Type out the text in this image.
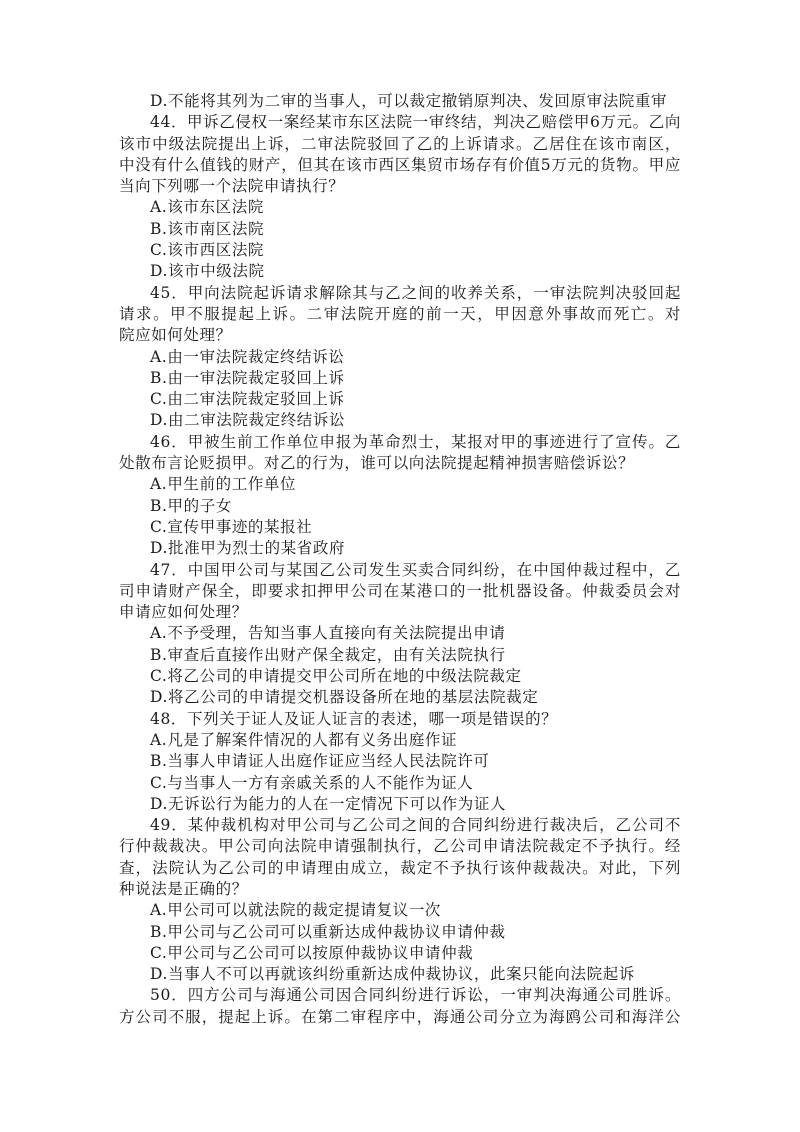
D.不能将其列为二审的当事人，可以裁定撤销原判决、发回原审法院重审
44．甲诉乙侵权一案经某市东区法院一审终结，判决乙赔偿甲6万元。乙向
该市中级法院提出上诉，二审法院驳回了乙的上诉请求。乙居住在该市南区，
中没有什么值钱的财产，但其在该市西区集贸市场存有价值5万元的货物。甲应
当向下列哪一个法院申请执行？
A.该市东区法院
B.该市南区法院
C.该市西区法院
D.该市中级法院
45．甲向法院起诉请求解除其与乙之间的收养关系，一审法院判决驳回起
请求。甲不服提起上诉。二审法院开庭的前一天，甲因意外事故而死亡。对
院应如何处理？
A.由一审法院裁定终结诉讼
B.由一审法院裁定驳回上诉
C.由二审法院裁定驳回上诉
D.由二审法院裁定终结诉讼
46．甲被生前工作单位申报为革命烈士，某报对甲的事迹进行了宣传。乙
处散布言论贬损甲。对乙的行为，谁可以向法院提起精神损害赔偿诉讼？
A.甲生前的工作单位
B.甲的子女
C.宣传甲事迹的某报社
D.批准甲为烈士的某省政府
47．中国甲公司与某国乙公司发生买卖合同纠纷，在中国仲裁过程中，乙
司申请财产保全，即要求扣押甲公司在某港口的一批机器设备。仲裁委员会对
申请应如何处理？
A.不予受理，告知当事人直接向有关法院提出申请
B.审查后直接作出财产保全裁定，由有关法院执行
C.将乙公司的申请提交甲公司所在地的中级法院裁定
D.将乙公司的申请提交机器设备所在地的基层法院裁定
48．下列关于证人及证人证言的表述，哪一项是错误的？
A.凡是了解案件情况的人都有义务出庭作证
B.当事人申请证人出庭作证应当经人民法院许可
C.与当事人一方有亲戚关系的人不能作为证人
D.无诉讼行为能力的人在一定情况下可以作为证人
49．某仲裁机构对甲公司与乙公司之间的合同纠纷进行裁决后，乙公司不
行仲裁裁决。甲公司向法院申请强制执行，乙公司申请法院裁定不予执行。经
查，法院认为乙公司的申请理由成立，裁定不予执行该仲裁裁决。对此，下列
种说法是正确的？
A.甲公司可以就法院的裁定提请复议一次
B.甲公司与乙公司可以重新达成仲裁协议申请仲裁
C.甲公司与乙公司可以按原仲裁协议申请仲裁
D.当事人不可以再就该纠纷重新达成仲裁协议，此案只能向法院起诉
50．四方公司与海通公司因合同纠纷进行诉讼，一审判决海通公司胜诉。
方公司不服，提起上诉。在第二审程序中，海通公司分立为海鸥公司和海洋公
